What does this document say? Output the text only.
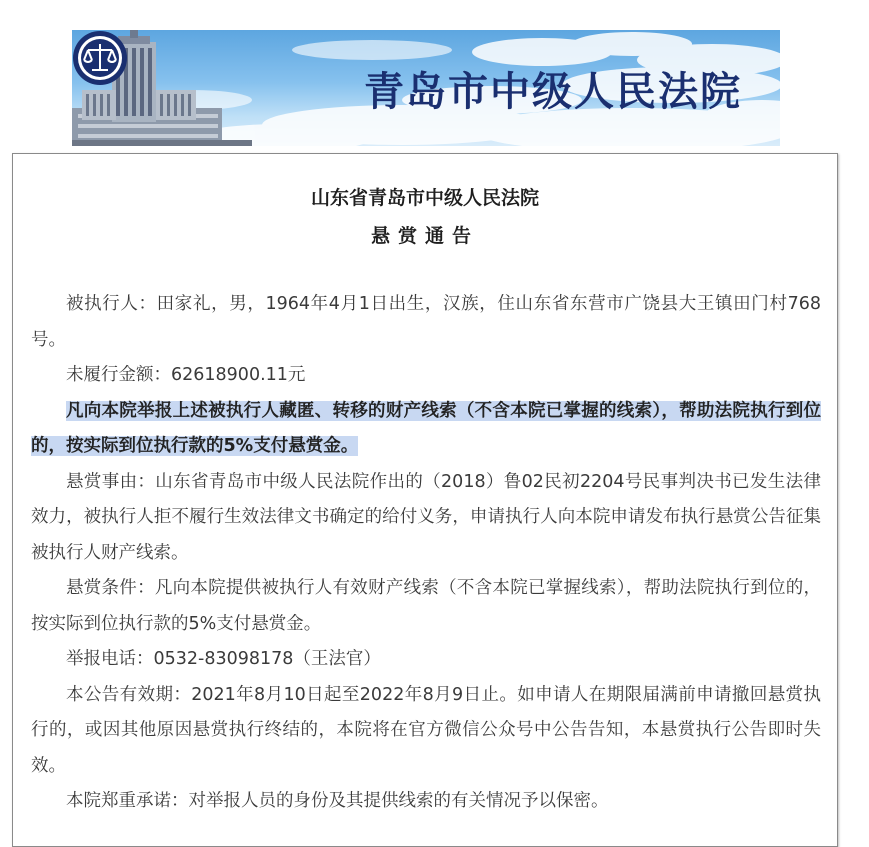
青岛市中级人民法院
山东省青岛市中级人民法院
悬赏通告

被执行人：田家礼，男，1964年4月1日出生，汉族，住山东省东营市广饶县大王镇田门村768号。

未履行金额：62618900.11元

凡向本院举报上述被执行人藏匿、转移的财产线索（不含本院已掌握的线索），帮助法院执行到位的，按实际到位执行款的5%支付悬赏金。

悬赏事由：山东省青岛市中级人民法院作出的（2018）鲁02民初2204号民事判决书已发生法律效力，被执行人拒不履行生效法律文书确定的给付义务，申请执行人向本院申请发布执行悬赏公告征集被执行人财产线索。

悬赏条件：凡向本院提供被执行人有效财产线索（不含本院已掌握线索），帮助法院执行到位的，按实际到位执行款的5%支付悬赏金。

举报电话：0532-83098178（王法官）

本公告有效期：2021年8月10日起至2022年8月9日止。如申请人在期限届满前申请撤回悬赏执行的，或因其他原因悬赏执行终结的，本院将在官方微信公众号中公告告知，本悬赏执行公告即时失效。

本院郑重承诺：对举报人员的身份及其提供线索的有关情况予以保密。
